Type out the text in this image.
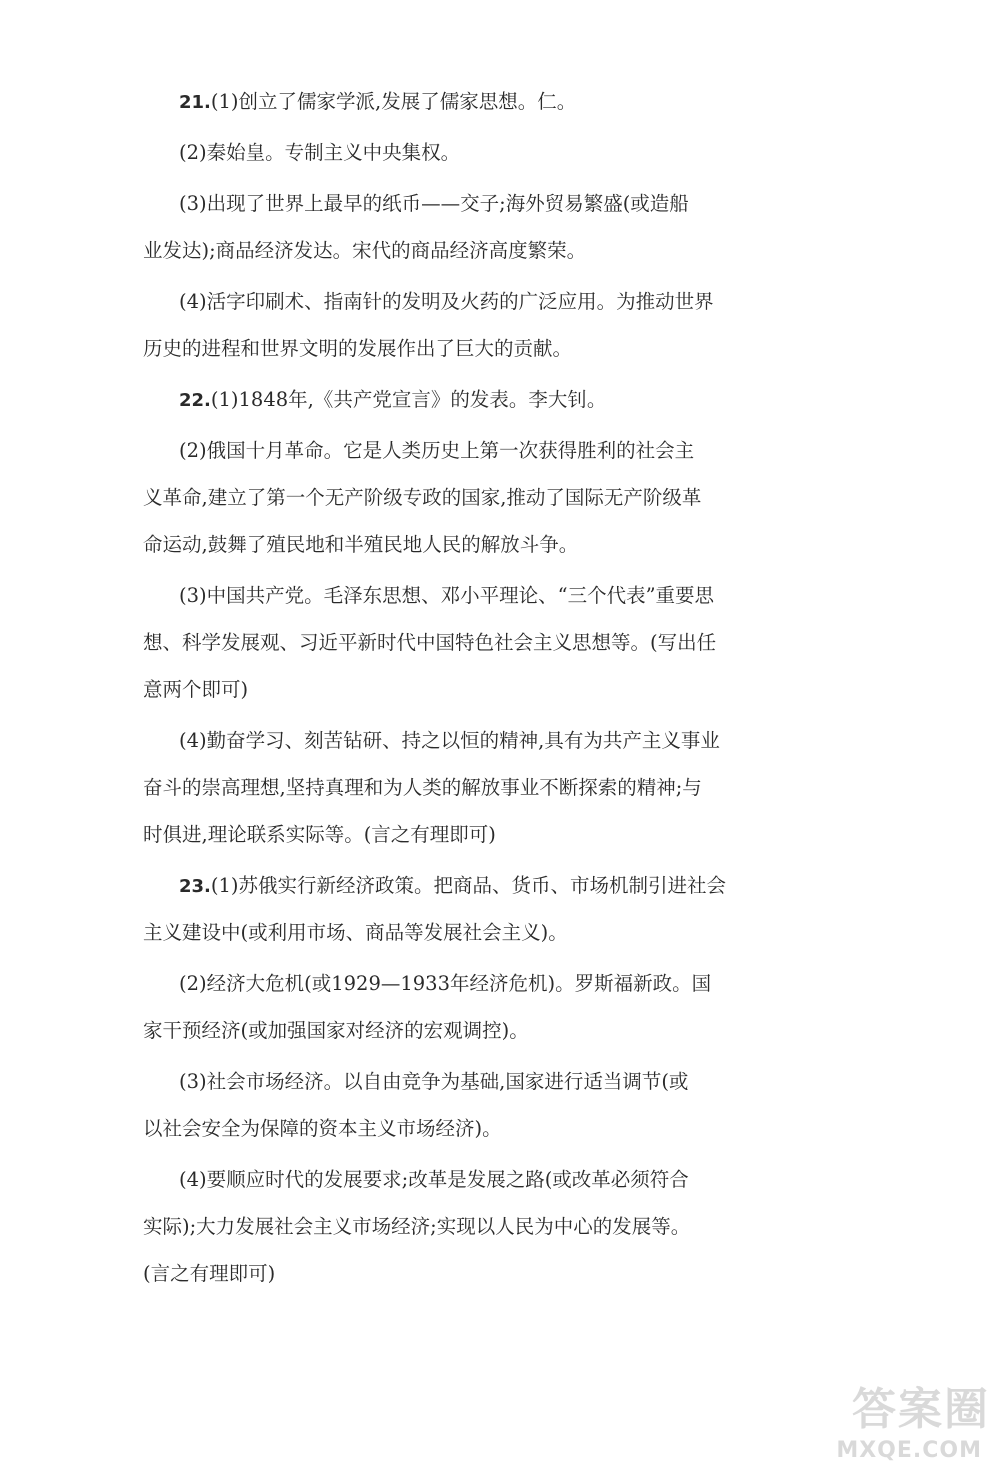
21.(1)创立了儒家学派,发展了儒家思想。仁。
(2)秦始皇。专制主义中央集权。
(3)出现了世界上最早的纸币——交子;海外贸易繁盛(或造船
业发达);商品经济发达。宋代的商品经济高度繁荣。
(4)活字印刷术、指南针的发明及火药的广泛应用。为推动世界
历史的进程和世界文明的发展作出了巨大的贡献。
22.(1)1848年,《共产党宣言》的发表。李大钊。
(2)俄国十月革命。它是人类历史上第一次获得胜利的社会主
义革命,建立了第一个无产阶级专政的国家,推动了国际无产阶级革
命运动,鼓舞了殖民地和半殖民地人民的解放斗争。
(3)中国共产党。毛泽东思想、邓小平理论、“三个代表”重要思
想、科学发展观、习近平新时代中国特色社会主义思想等。(写出任
意两个即可)
(4)勤奋学习、刻苦钻研、持之以恒的精神,具有为共产主义事业
奋斗的崇高理想,坚持真理和为人类的解放事业不断探索的精神;与
时俱进,理论联系实际等。(言之有理即可)
23.(1)苏俄实行新经济政策。把商品、货币、市场机制引进社会
主义建设中(或利用市场、商品等发展社会主义)。
(2)经济大危机(或1929—1933年经济危机)。罗斯福新政。国
家干预经济(或加强国家对经济的宏观调控)。
(3)社会市场经济。以自由竞争为基础,国家进行适当调节(或
以社会安全为保障的资本主义市场经济)。
(4)要顺应时代的发展要求;改革是发展之路(或改革必须符合
实际);大力发展社会主义市场经济;实现以人民为中心的发展等。
(言之有理即可)
答案圈
MXQE.COM
